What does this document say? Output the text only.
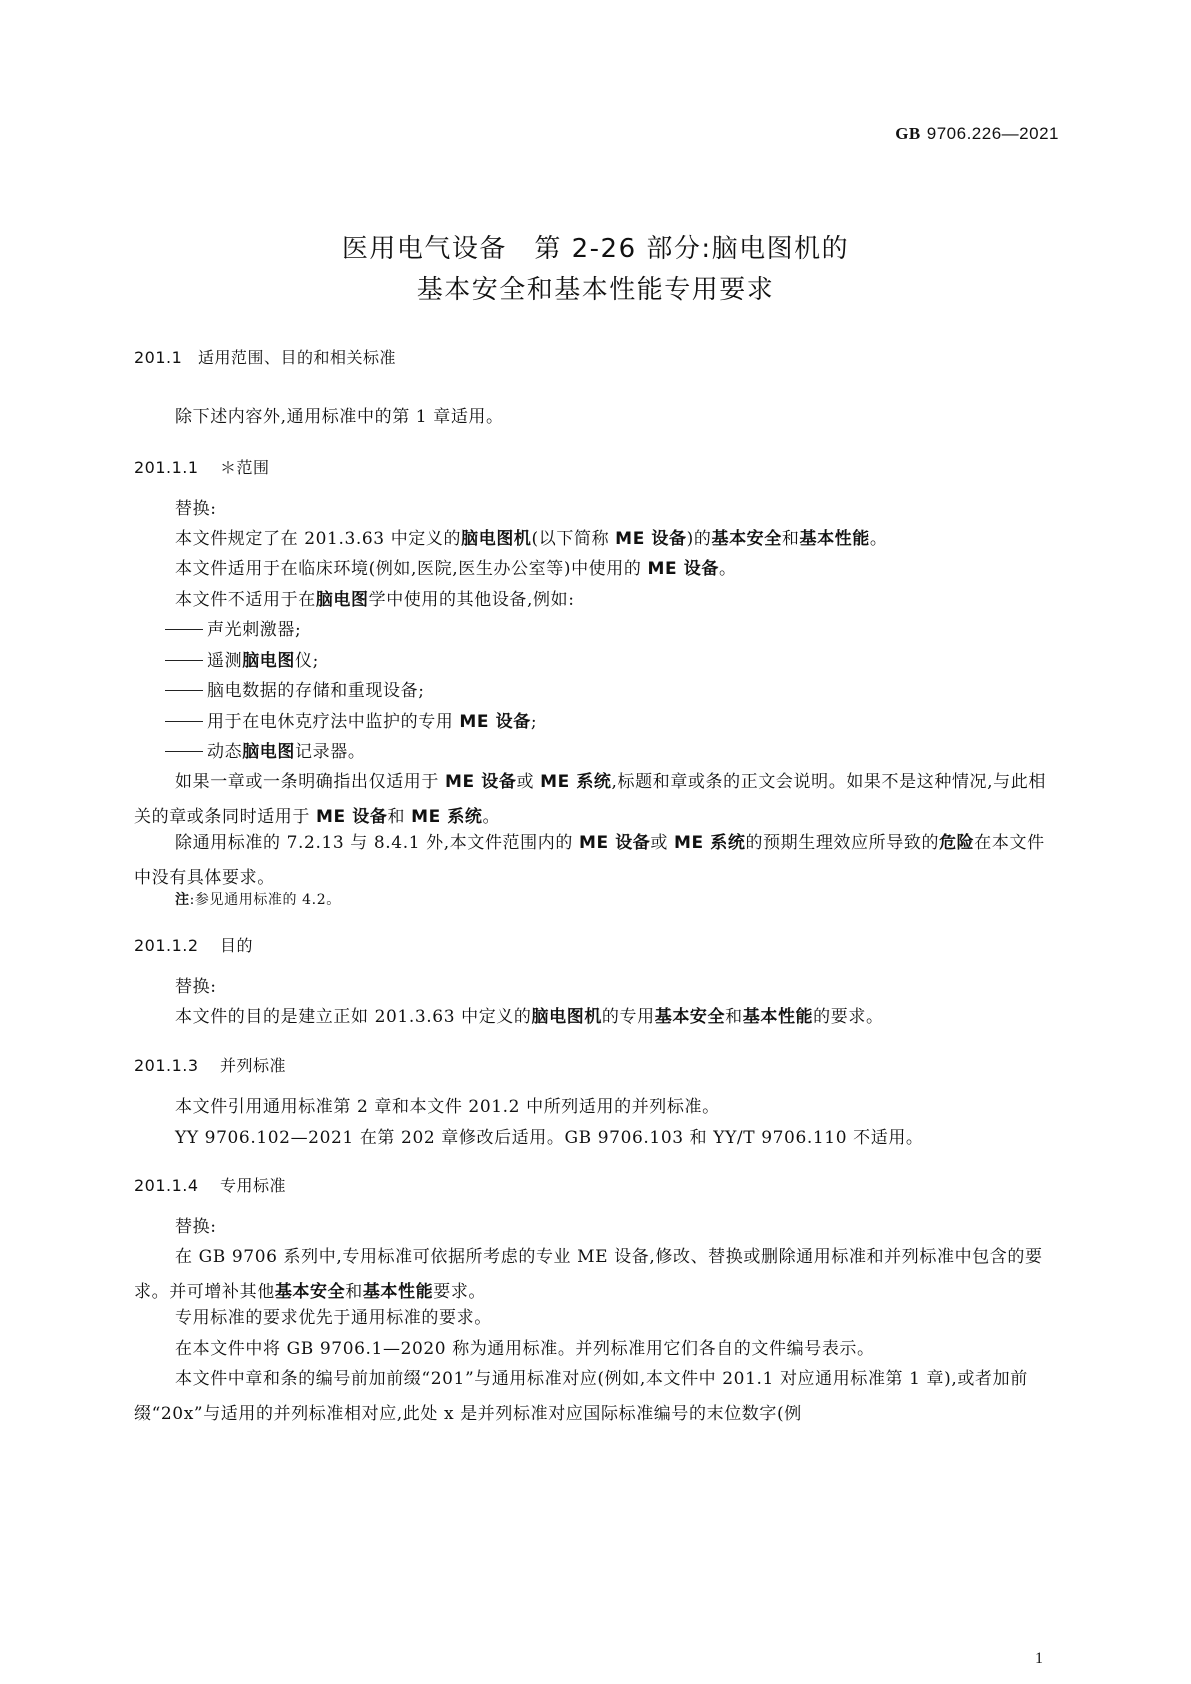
GB 9706.226—2021
医用电气设备　第 2-26 部分:脑电图机的
基本安全和基本性能专用要求
201.1 适用范围、目的和相关标准
除下述内容外,通用标准中的第 1 章适用。
201.1.1 ＊范围
替换:
本文件规定了在 201.3.63 中定义的脑电图机(以下简称 ME 设备)的基本安全和基本性能。
本文件适用于在临床环境(例如,医院,医生办公室等)中使用的 ME 设备。
本文件不适用于在脑电图学中使用的其他设备,例如:
声光刺激器;
遥测脑电图仪;
脑电数据的存储和重现设备;
用于在电休克疗法中监护的专用 ME 设备;
动态脑电图记录器。
如果一章或一条明确指出仅适用于 ME 设备或 ME 系统,标题和章或条的正文会说明。如果不是这种情况,与此相关的章或条同时适用于 ME 设备和 ME 系统。
除通用标准的 7.2.13 与 8.4.1 外,本文件范围内的 ME 设备或 ME 系统的预期生理效应所导致的危险在本文件中没有具体要求。
注:参见通用标准的 4.2。
201.1.2 目的
替换:
本文件的目的是建立正如 201.3.63 中定义的脑电图机的专用基本安全和基本性能的要求。
201.1.3 并列标准
本文件引用通用标准第 2 章和本文件 201.2 中所列适用的并列标准。
YY 9706.102—2021 在第 202 章修改后适用。GB 9706.103 和 YY/T 9706.110 不适用。
201.1.4 专用标准
替换:
在 GB 9706 系列中,专用标准可依据所考虑的专业 ME 设备,修改、替换或删除通用标准和并列标准中包含的要求。并可增补其他基本安全和基本性能要求。
专用标准的要求优先于通用标准的要求。
在本文件中将 GB 9706.1—2020 称为通用标准。并列标准用它们各自的文件编号表示。
本文件中章和条的编号前加前缀“201”与通用标准对应(例如,本文件中 201.1 对应通用标准第 1 章),或者加前缀“20x”与适用的并列标准相对应,此处 x 是并列标准对应国际标准编号的末位数字(例
1
